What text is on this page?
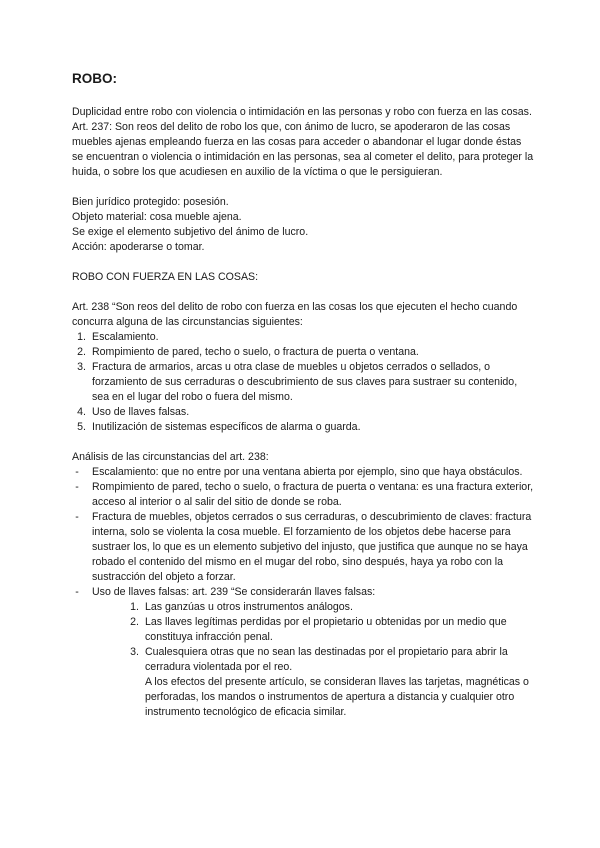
ROBO:

Duplicidad entre robo con violencia o intimidación en las personas y robo con fuerza en las cosas.

Art. 237: Son reos del delito de robo los que, con ánimo de lucro, se apoderaron de las cosas muebles ajenas empleando fuerza en las cosas para acceder o abandonar el lugar donde éstas se encuentran o violencia o intimidación en las personas, sea al cometer el delito, para proteger la huida, o sobre los que acudiesen en auxilio de la víctima o que le persiguieran.

Bien jurídico protegido: posesión.

Objeto material: cosa mueble ajena.

Se exige el elemento subjetivo del ánimo de lucro.

Acción: apoderarse o tomar.

ROBO CON FUERZA EN LAS COSAS:

Art. 238 “Son reos del delito de robo con fuerza en las cosas los que ejecuten el hecho cuando concurra alguna de las circunstancias siguientes:

1. Escalamiento.
2. Rompimiento de pared, techo o suelo, o fractura de puerta o ventana.
3. Fractura de armarios, arcas u otra clase de muebles u objetos cerrados o sellados, o forzamiento de sus cerraduras o descubrimiento de sus claves para sustraer su contenido, sea en el lugar del robo o fuera del mismo.
4. Uso de llaves falsas.
5. Inutilización de sistemas específicos de alarma o guarda.

Análisis de las circunstancias del art. 238:

-	Escalamiento: que no entre por una ventana abierta por ejemplo, sino que haya obstáculos.
-	Rompimiento de pared, techo o suelo, o fractura de puerta o ventana: es una fractura exterior, acceso al interior o al salir del sitio de donde se roba.
-	Fractura de muebles, objetos cerrados o sus cerraduras, o descubrimiento de claves: fractura interna, solo se violenta la cosa mueble. El forzamiento de los objetos debe hacerse para sustraer los, lo que es un elemento subjetivo del injusto, que justifica que aunque no se haya robado el contenido del mismo en el mugar del robo, sino después, haya ya robo con la sustracción del objeto a forzar.
-	Uso de llaves falsas: art. 239 “Se considerarán llaves falsas:
1. Las ganzúas u otros instrumentos análogos.
2. Las llaves legítimas perdidas por el propietario u obtenidas por un medio que constituya infracción penal.
3. Cualesquiera otras que no sean las destinadas por el propietario para abrir la cerradura violentada por el reo.
A los efectos del presente artículo, se consideran llaves las tarjetas, magnéticas o perforadas, los mandos o instrumentos de apertura a distancia y cualquier otro instrumento tecnológico de eficacia similar.
